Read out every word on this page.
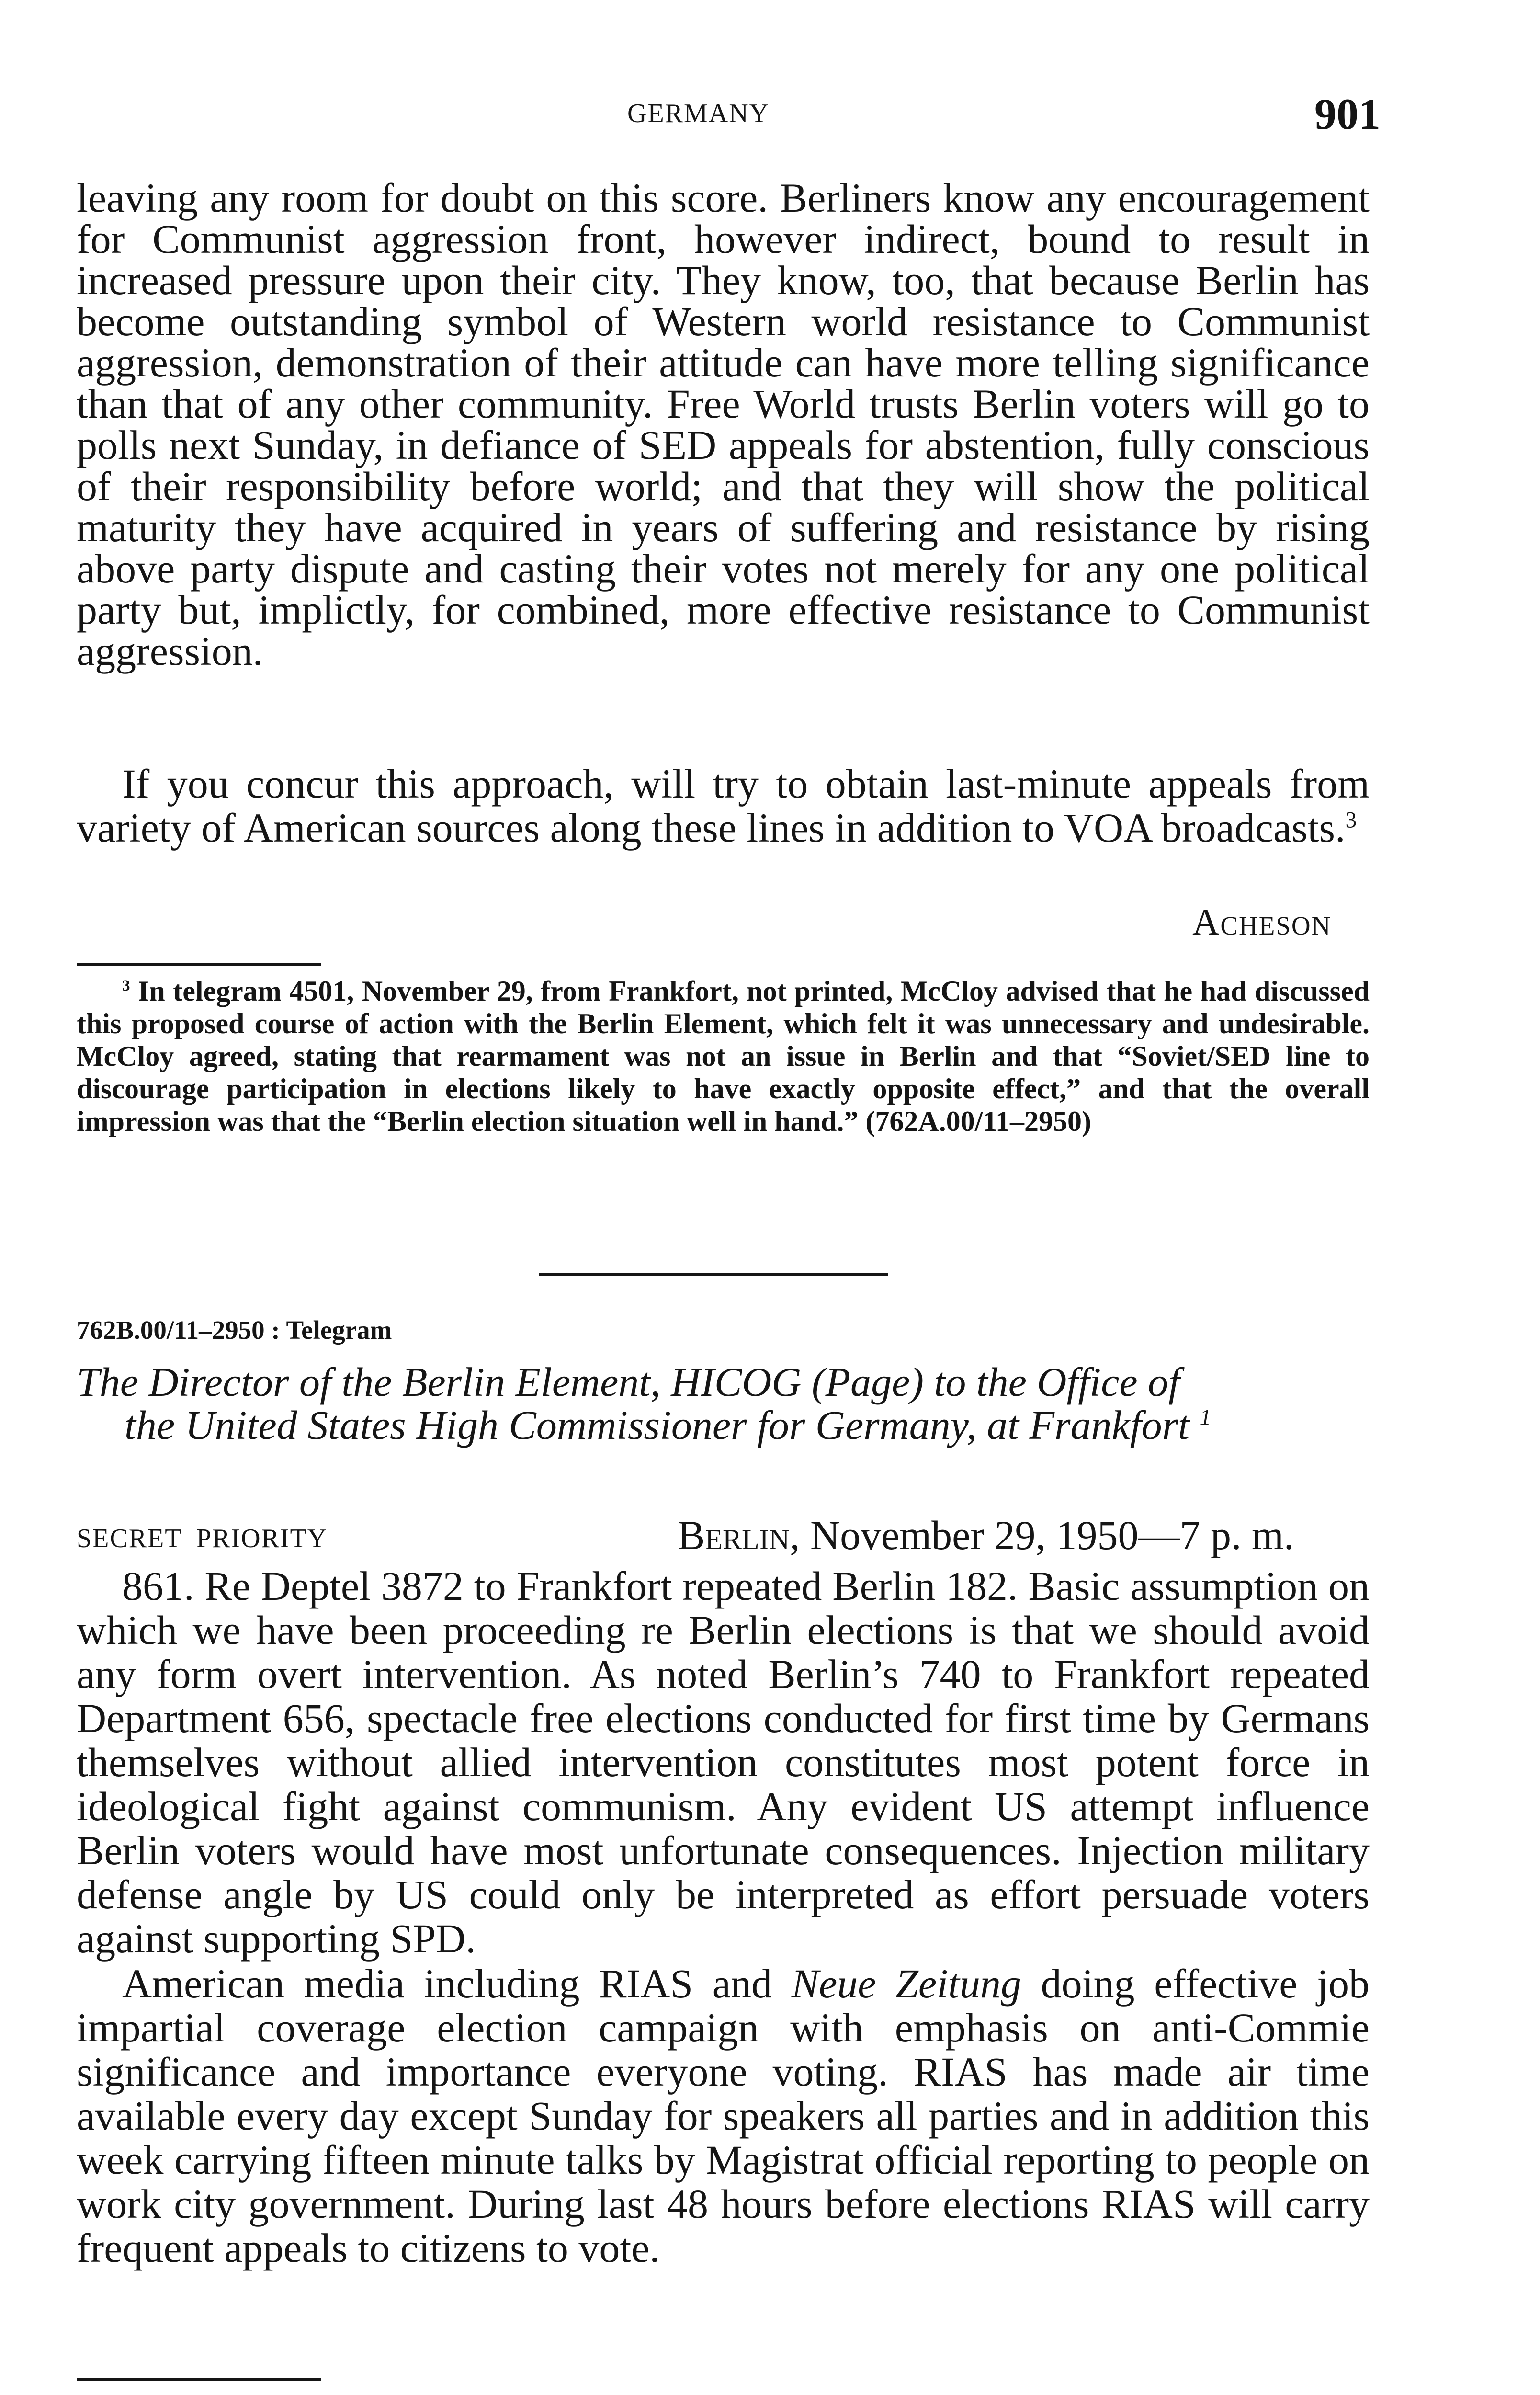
GERMANY	901
leaving any room for doubt on this score. Berliners know any encouragement for Communist aggression front, however indirect, bound to result in increased pressure upon their city. They know, too, that because Berlin has become outstanding symbol of Western world resistance to Communist aggression, demonstration of their attitude can have more telling significance than that of any other community. Free World trusts Berlin voters will go to polls next Sunday, in defiance of SED appeals for abstention, fully conscious of their responsibility before world; and that they will show the political maturity they have acquired in years of suffering and resistance by rising above party dispute and casting their votes not merely for any one political party but, implictly, for combined, more effective resistance to Communist aggression.
If you concur this approach, will try to obtain last-minute appeals from variety of American sources along these lines in addition to VOA broadcasts.$^3$
Acheson
$^3$ In telegram 4501, November 29, from Frankfort, not printed, McCloy advised that he had discussed this proposed course of action with the Berlin Element, which felt it was unnecessary and undesirable. McCloy agreed, stating that rearmament was not an issue in Berlin and that “Soviet/SED line to discourage participation in elections likely to have exactly opposite effect,” and that the overall impression was that the “Berlin election situation well in hand.” (762A.00/11–2950)
762B.00/11–2950 : Telegram
The Director of the Berlin Element, HICOG (Page) to the Office of
the United States High Commissioner for Germany, at Frankfort $^1$
SECRET PRIORITY	Berlin, November 29, 1950—7 p. m.
861. Re Deptel 3872 to Frankfort repeated Berlin 182. Basic assumption on which we have been proceeding re Berlin elections is that we should avoid any form overt intervention. As noted Berlin’s 740 to Frankfort repeated Department 656, spectacle free elections conducted for first time by Germans themselves without allied intervention constitutes most potent force in ideological fight against communism. Any evident US attempt influence Berlin voters would have most unfortunate consequences. Injection military defense angle by US could only be interpreted as effort persuade voters against supporting SPD.
American media including RIAS and Neue Zeitung doing effective job impartial coverage election campaign with emphasis on anti-Commie significance and importance everyone voting. RIAS has made air time available every day except Sunday for speakers all parties and in addition this week carrying fifteen minute talks by Magistrat official reporting to people on work city government. During last 48 hours before elections RIAS will carry frequent appeals to citizens to vote.
